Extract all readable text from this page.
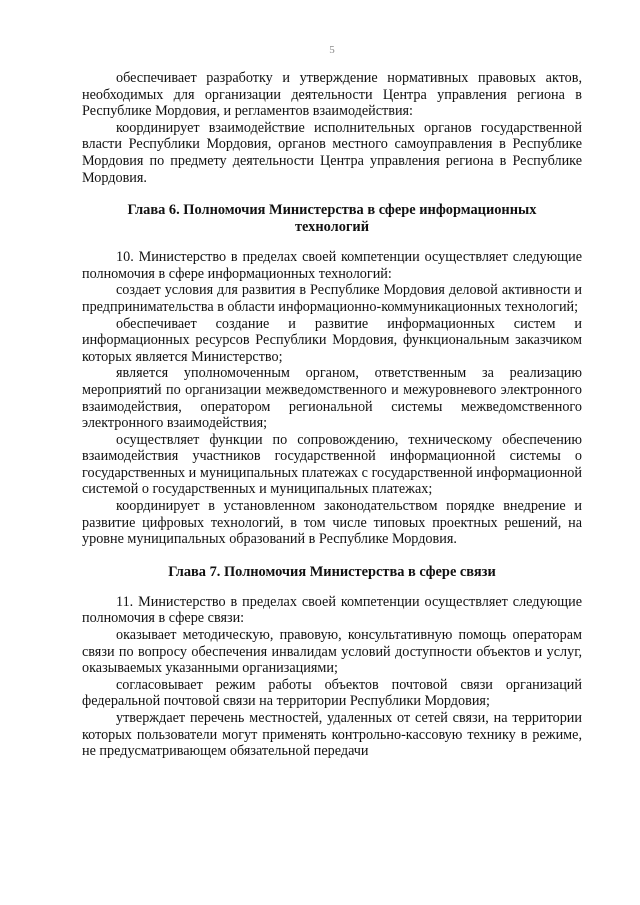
5

обеспечивает разработку и утверждение нормативных правовых актов, необходимых для организации деятельности Центра управления региона в Республике Мордовия, и регламентов взаимодействия:

координирует взаимодействие исполнительных органов государственной власти Республики Мордовия, органов местного самоуправления в Республике Мордовия по предмету деятельности Центра управления региона в Республике Мордовия.

Глава 6. Полномочия Министерства в сфере информационных технологий

10. Министерство в пределах своей компетенции осуществляет следующие полномочия в сфере информационных технологий:

создает условия для развития в Республике Мордовия деловой активности и предпринимательства в области информационно-коммуникационных технологий;

обеспечивает создание и развитие информационных систем и информационных ресурсов Республики Мордовия, функциональным заказчиком которых является Министерство;

является уполномоченным органом, ответственным за реализацию мероприятий по организации межведомственного и межуровневого электронного взаимодействия, оператором региональной системы межведомственного электронного взаимодействия;

осуществляет функции по сопровождению, техническому обеспечению взаимодействия участников государственной информационной системы о государственных и муниципальных платежах с государственной информационной системой о государственных и муниципальных платежах;

координирует в установленном законодательством порядке внедрение и развитие цифровых технологий, в том числе типовых проектных решений, на уровне муниципальных образований в Республике Мордовия.

Глава 7. Полномочия Министерства в сфере связи

11. Министерство в пределах своей компетенции осуществляет следующие полномочия в сфере связи:

оказывает методическую, правовую, консультативную помощь операторам связи по вопросу обеспечения инвалидам условий доступности объектов и услуг, оказываемых указанными организациями;

согласовывает режим работы объектов почтовой связи организаций федеральной почтовой связи на территории Республики Мордовия;

утверждает перечень местностей, удаленных от сетей связи, на территории которых пользователи могут применять контрольно-кассовую технику в режиме, не предусматривающем обязательной передачи
